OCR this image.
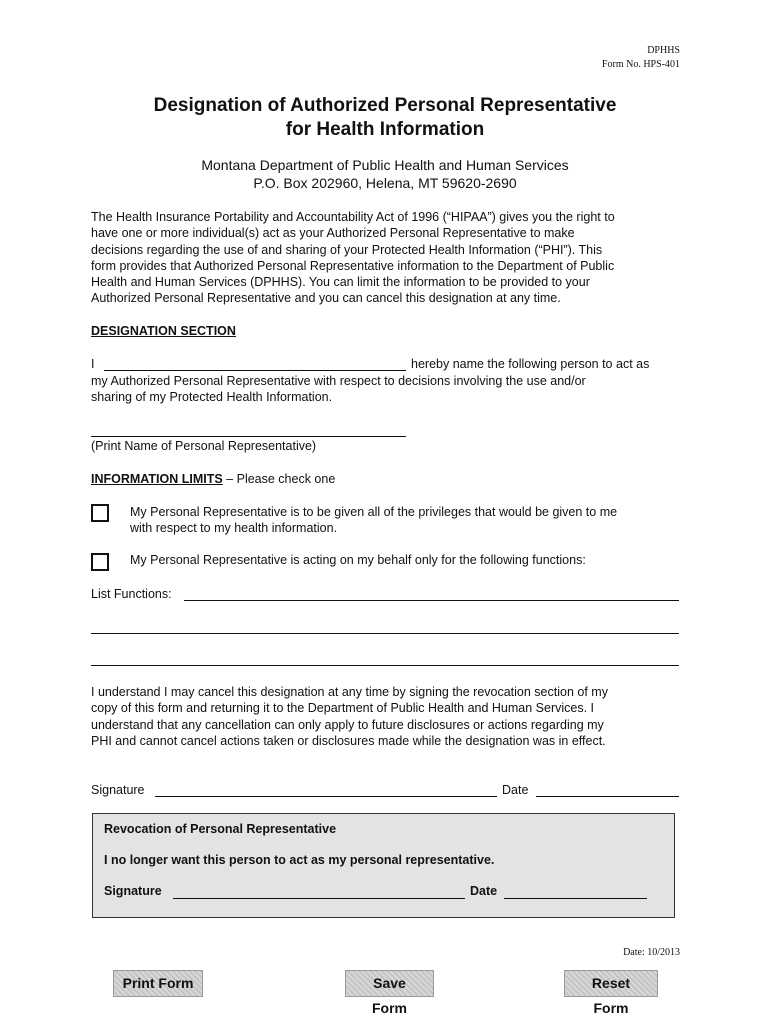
DPHHS
Form No. HPS-401
Designation of Authorized Personal Representative
for Health Information
Montana Department of Public Health and Human Services
P.O. Box 202960, Helena, MT 59620-2690
The Health Insurance Portability and Accountability Act of 1996 (“HIPAA”) gives you the right to
have one or more individual(s) act as your Authorized Personal Representative to make
decisions regarding the use of and sharing of your Protected Health Information (“PHI”). This
form provides that Authorized Personal Representative information to the Department of Public
Health and Human Services (DPHHS). You can limit the information to be provided to your
Authorized Personal Representative and you can cancel this designation at any time.
DESIGNATION SECTION
I	hereby name the following person to act as
my Authorized Personal Representative with respect to decisions involving the use and/or
sharing of my Protected Health Information.
(Print Name of Personal Representative)
INFORMATION LIMITS – Please check one
My Personal Representative is to be given all of the privileges that would be given to me
with respect to my health information.
My Personal Representative is acting on my behalf only for the following functions:
List Functions:
I understand I may cancel this designation at any time by signing the revocation section of my
copy of this form and returning it to the Department of Public Health and Human Services. I
understand that any cancellation can only apply to future disclosures or actions regarding my
PHI and cannot cancel actions taken or disclosures made while the designation was in effect.
Signature	Date
Revocation of Personal Representative
I no longer want this person to act as my personal representative.
Signature	Date
Date: 10/2013
Print Form	Save Form
Reset Form
